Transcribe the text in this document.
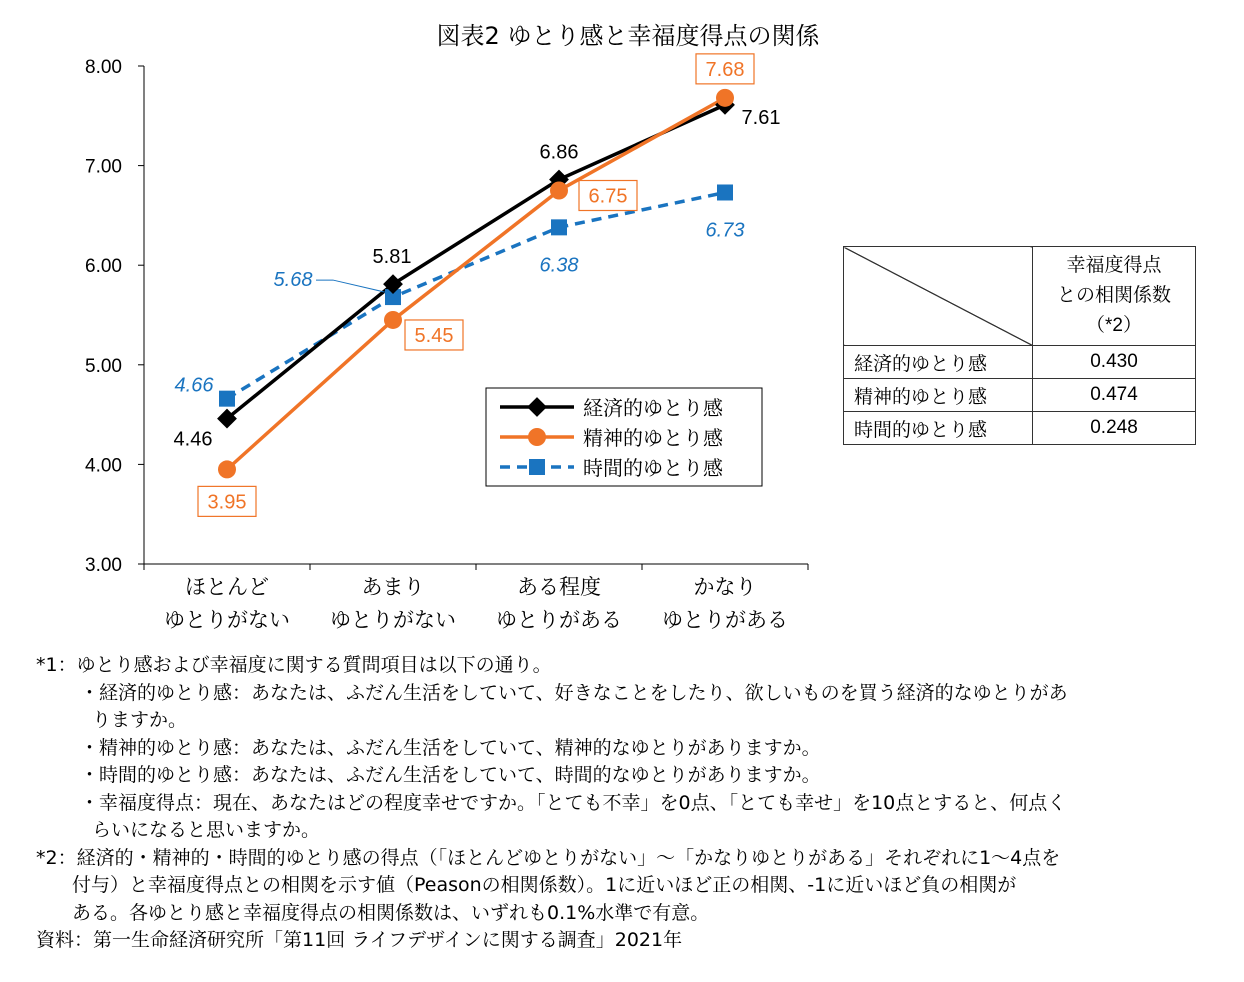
図表2 ゆとり感と幸福度得点の関係
3.00
4.00
5.00
6.00
7.00
8.00
ほとんど
ゆとりがない
あまり
ゆとりがない
ある程度
ゆとりがある
かなり
ゆとりがある
4.46
5.81
6.86
7.61
3.95
5.45
6.75
7.68
4.66
5.68
6.38
6.73
経済的ゆとり感
精神的ゆとり感
時間的ゆとり感

	幸福度得点
との相関係数
（*2）

経済的ゆとり感	0.430
精神的ゆとり感	0.474
時間的ゆとり感	0.248

*1：ゆとり感および幸福度に関する質問項目は以下の通り。

・経済的ゆとり感：あなたは、ふだん生活をしていて、好きなことをしたり、欲しいものを買う経済的なゆとりがあ
りますか。

・精神的ゆとり感：あなたは、ふだん生活をしていて、精神的なゆとりがありますか。

・時間的ゆとり感：あなたは、ふだん生活をしていて、時間的なゆとりがありますか。

・幸福度得点：現在、あなたはどの程度幸せですか。「とても不幸」を0点、「とても幸せ」を10点とすると、何点く
らいになると思いますか。

*2：経済的・精神的・時間的ゆとり感の得点（「ほとんどゆとりがない」～「かなりゆとりがある」それぞれに1～4点を

付与）と幸福度得点との相関を示す値（Peasonの相関係数）。1に近いほど正の相関、-1に近いほど負の相関が

ある。各ゆとり感と幸福度得点の相関係数は、いずれも0.1%水準で有意。

資料：第一生命経済研究所「第11回 ライフデザインに関する調査」2021年
